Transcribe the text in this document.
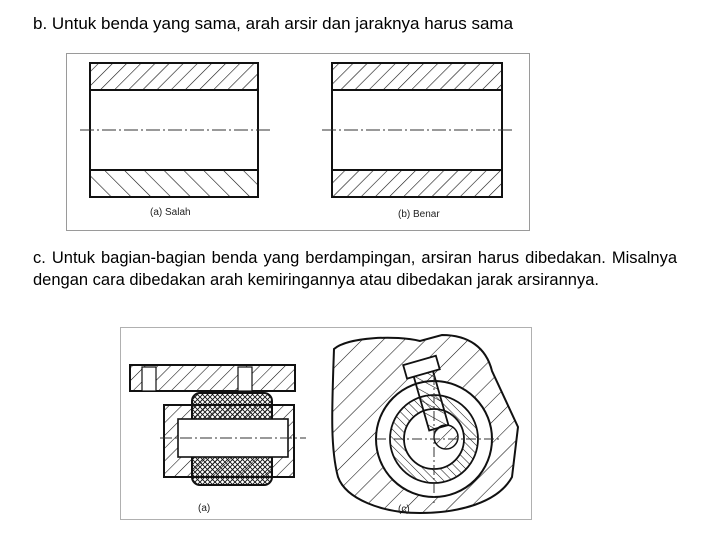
b. Untuk benda yang sama, arah arsir dan jaraknya harus sama
(a) Salah	(b) Benar
c. Untuk bagian-bagian benda yang berdampingan, arsiran harus dibedakan. Misalnya dengan cara dibedakan arah kemiringannya atau dibedakan jarak arsirannya.
(a)	(c)
